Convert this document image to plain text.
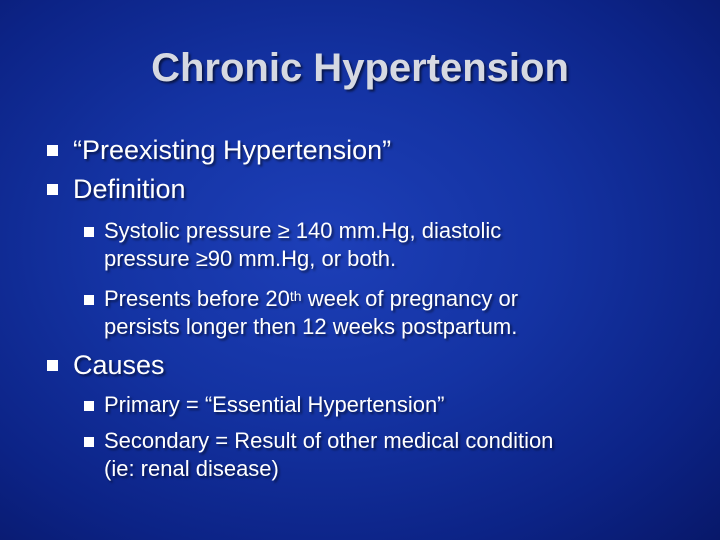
Chronic Hypertension
“Preexisting Hypertension”
Definition
Systolic pressure ≥ 140 mm.Hg, diastolic
pressure ≥90 mm.Hg, or both.
Presents before 20th week of pregnancy or
persists longer then 12 weeks postpartum.
Causes
Primary = “Essential Hypertension”
Secondary = Result of other medical condition
(ie: renal disease)
